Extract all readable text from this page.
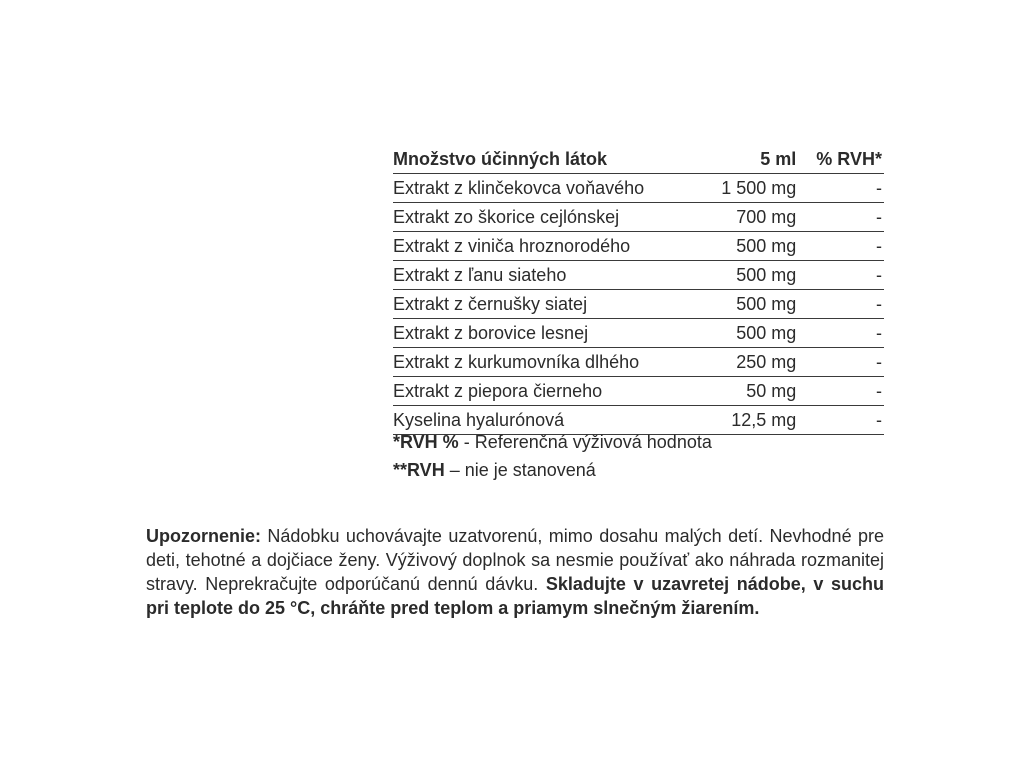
Množstvo účinných látok	5 ml	% RVH*
Extrakt z klinčekovca voňavého	1 500 mg	-
Extrakt zo škorice cejlónskej	700 mg	-
Extrakt z viniča hroznorodého	500 mg	-
Extrakt z ľanu siateho	500 mg	-
Extrakt z černušky siatej	500 mg	-
Extrakt z borovice lesnej	500 mg	-
Extrakt z kurkumovníka dlhého	250 mg	-
Extrakt z piepora čierneho	50 mg	-
Kyselina hyalurónová	12,5 mg	-
*RVH % - Referenčná výživová hodnota
**RVH – nie je stanovená
Upozornenie: Nádobku uchovávajte uzatvorenú, mimo dosahu malých detí. Nevhodné pre deti, tehotné a dojčiace ženy. Výživový doplnok sa nesmie používať ako náhrada rozmanitej stravy. Neprekračujte odporúčanú dennú dávku. Skladujte v uzavretej nádobe, v suchu pri teplote do 25 °C, chráňte pred teplom a priamym slnečným žiarením.
